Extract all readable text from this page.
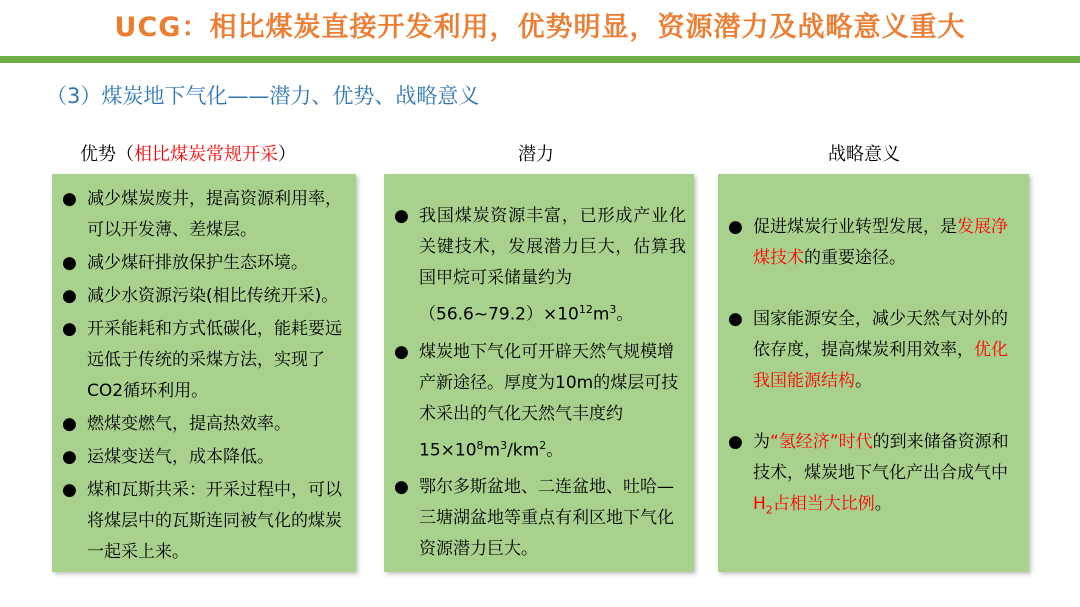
UCG：相比煤炭直接开发利用，优势明显，资源潜力及战略意义重大
（3）煤炭地下气化——潜力、优势、战略意义
优势（相比煤炭常规开采）	潜力	战略意义
● 减少煤炭废井，提高资源利用率，可以开发薄、差煤层。
● 减少煤矸排放保护生态环境。
● 减少水资源污染(相比传统开采)。
● 开采能耗和方式低碳化，能耗要远远低于传统的采煤方法，实现了CO2循环利用。
● 燃煤变燃气，提高热效率。
● 运煤变送气，成本降低。
● 煤和瓦斯共采：开采过程中，可以将煤层中的瓦斯连同被气化的煤炭一起采上来。
● 我国煤炭资源丰富，已形成产业化关键技术，发展潜力巨大，估算我国甲烷可采储量约为
$(56.6\sim 79.2)\times 10^{12}m^3$。
● 煤炭地下气化可开辟天然气规模增产新途径。厚度为10m的煤层可技术采出的气化天然气丰度约$15\times 10^8m^3/km^2$。
● 鄂尔多斯盆地、二连盆地、吐哈—三塘湖盆地等重点有利区地下气化资源潜力巨大。
● 促进煤炭行业转型发展，是发展净煤技术的重要途径。
● 国家能源安全，减少天然气对外的依存度，提高煤炭利用效率，优化我国能源结构。
● 为“氢经济”时代的到来储备资源和技术，煤炭地下气化产出合成气中$H_2$占相当大比例。
